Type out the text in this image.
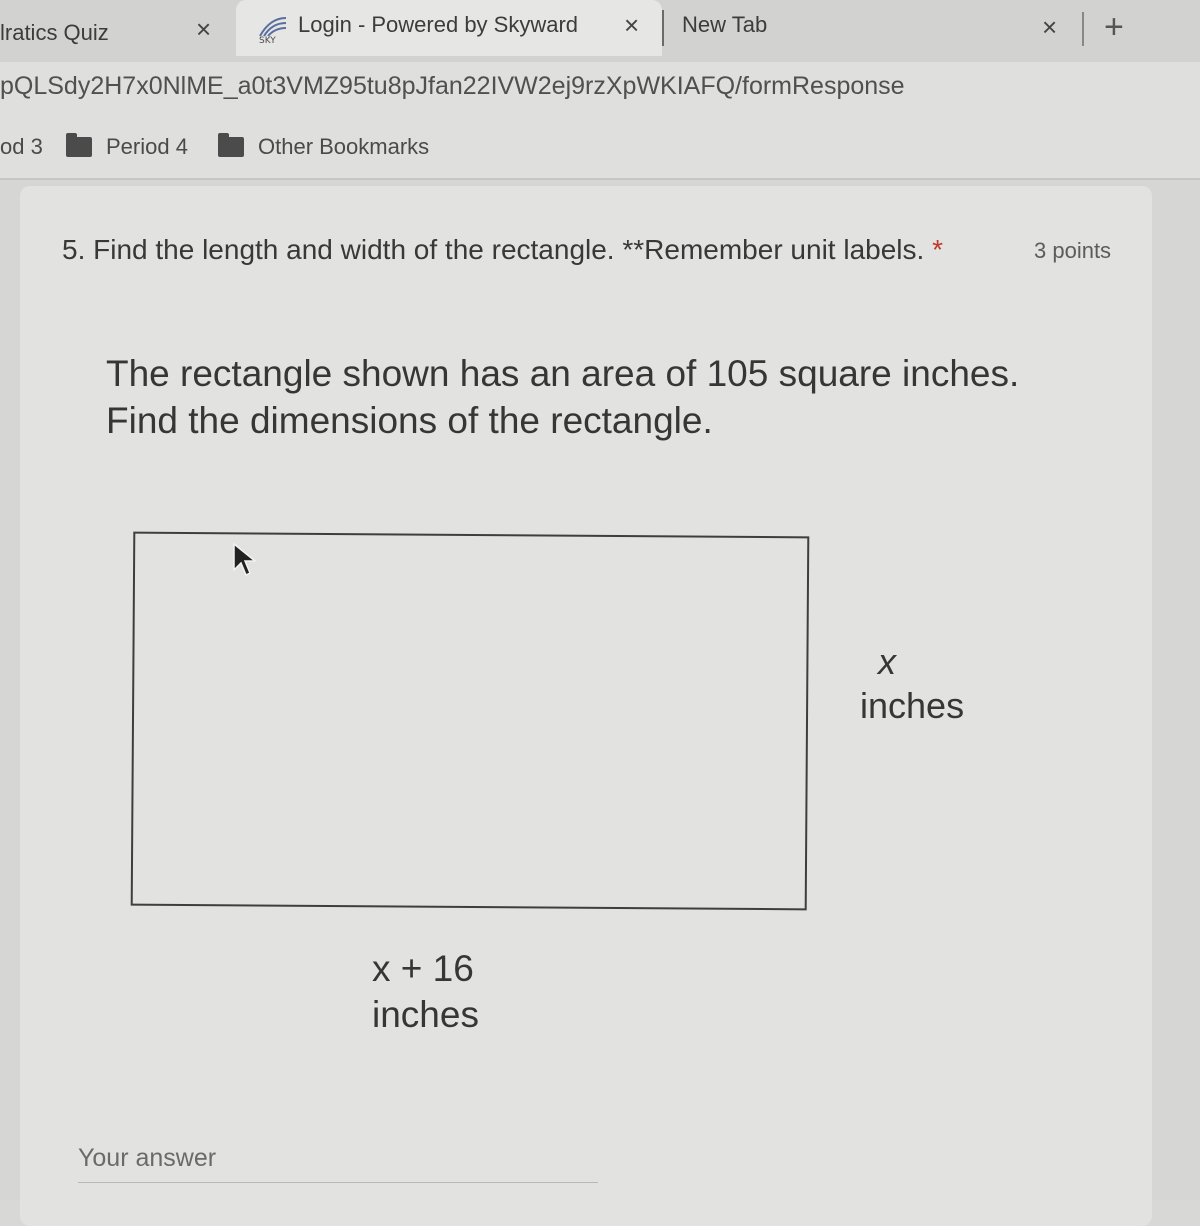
lratics Quiz	×	SKY
Login - Powered by Skyward × New Tab	× +
pQLSdy2H7x0NlME_a0t3VMZ95tu8pJfan22IVW2ej9rzXpWKIAFQ/formResponse
od 3	Period 4	Other Bookmarks
5. Find the length and width of the rectangle. **Remember unit labels. *	3 points
The rectangle shown has an area of 105 square inches.
Find the dimensions of the rectangle.
x
inches
x + 16
inches
Your answer
